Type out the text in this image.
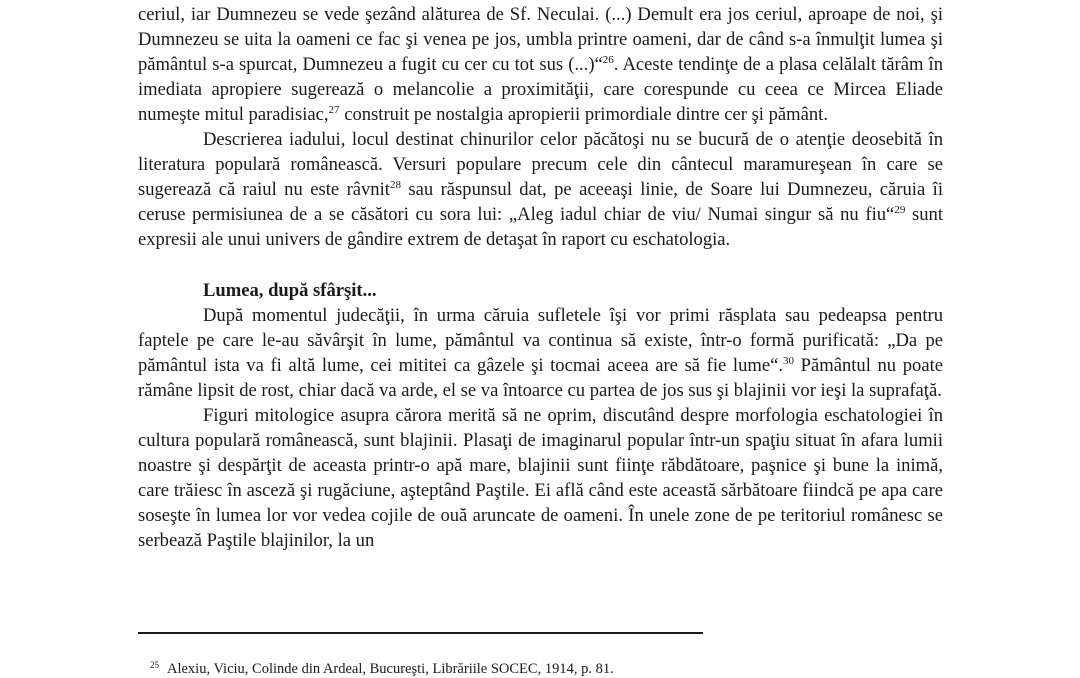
ceriul, iar Dumnezeu se vede şezând alăturea de Sf. Neculai. (...) Demult era jos ceriul, aproape de noi, şi Dumnezeu se uita la oameni ce fac şi venea pe jos, umbla printre oameni, dar de când s-a înmulţit lumea şi pământul s-a spurcat, Dumnezeu a fugit cu cer cu tot sus (...)“$^{26}$. Aceste tendinţe de a plasa celălalt tărâm în imediata apropiere sugerează o melancolie a proximităţii, care corespunde cu ceea ce Mircea Eliade numeşte mitul paradisiac,$^{27}$ construit pe nostalgia apropierii primordiale dintre cer şi pământ.

Descrierea iadului, locul destinat chinurilor celor păcătoşi nu se bucură de o atenţie deosebită în literatura populară românească. Versuri populare precum cele din cântecul maramureşean în care se sugerează că raiul nu este râvnit$^{28}$ sau răspunsul dat, pe aceeaşi linie, de Soare lui Dumnezeu, căruia îi ceruse permisiunea de a se căsători cu sora lui: „Aleg iadul chiar de viu/ Numai singur să nu fiu“$^{29}$ sunt expresii ale unui univers de gândire extrem de detaşat în raport cu eschatologia.

Lumea, după sfârşit...

După momentul judecăţii, în urma căruia sufletele îşi vor primi răsplata sau pedeapsa pentru faptele pe care le-au săvârşit în lume, pământul va continua să existe, într-o formă purificată: „Da pe pământul ista va fi altă lume, cei mititei ca gâzele şi tocmai aceea are să fie lume“.$^{30}$ Pământul nu poate rămâne lipsit de rost, chiar dacă va arde, el se va întoarce cu partea de jos sus şi blajinii vor ieşi la suprafaţă.

Figuri mitologice asupra cărora merită să ne oprim, discutând despre morfologia eschatologiei în cultura populară românească, sunt blajinii. Plasaţi de imaginarul popular într-un spaţiu situat în afara lumii noastre şi despărţit de aceasta printr-o apă mare, blajinii sunt fiinţe răbdătoare, paşnice şi bune la inimă, care trăiesc în asceză şi rugăciune, aşteptând Paştile. Ei află când este această sărbătoare fiindcă pe apa care soseşte în lumea lor vor vedea cojile de ouă aruncate de oameni. În unele zone de pe teritoriul românesc se serbează Paştile blajinilor, la un

$^{25}$ Alexiu, Viciu, Colinde din Ardeal, Bucureşti, Librăriile SOCEC, 1914, p. 81.
